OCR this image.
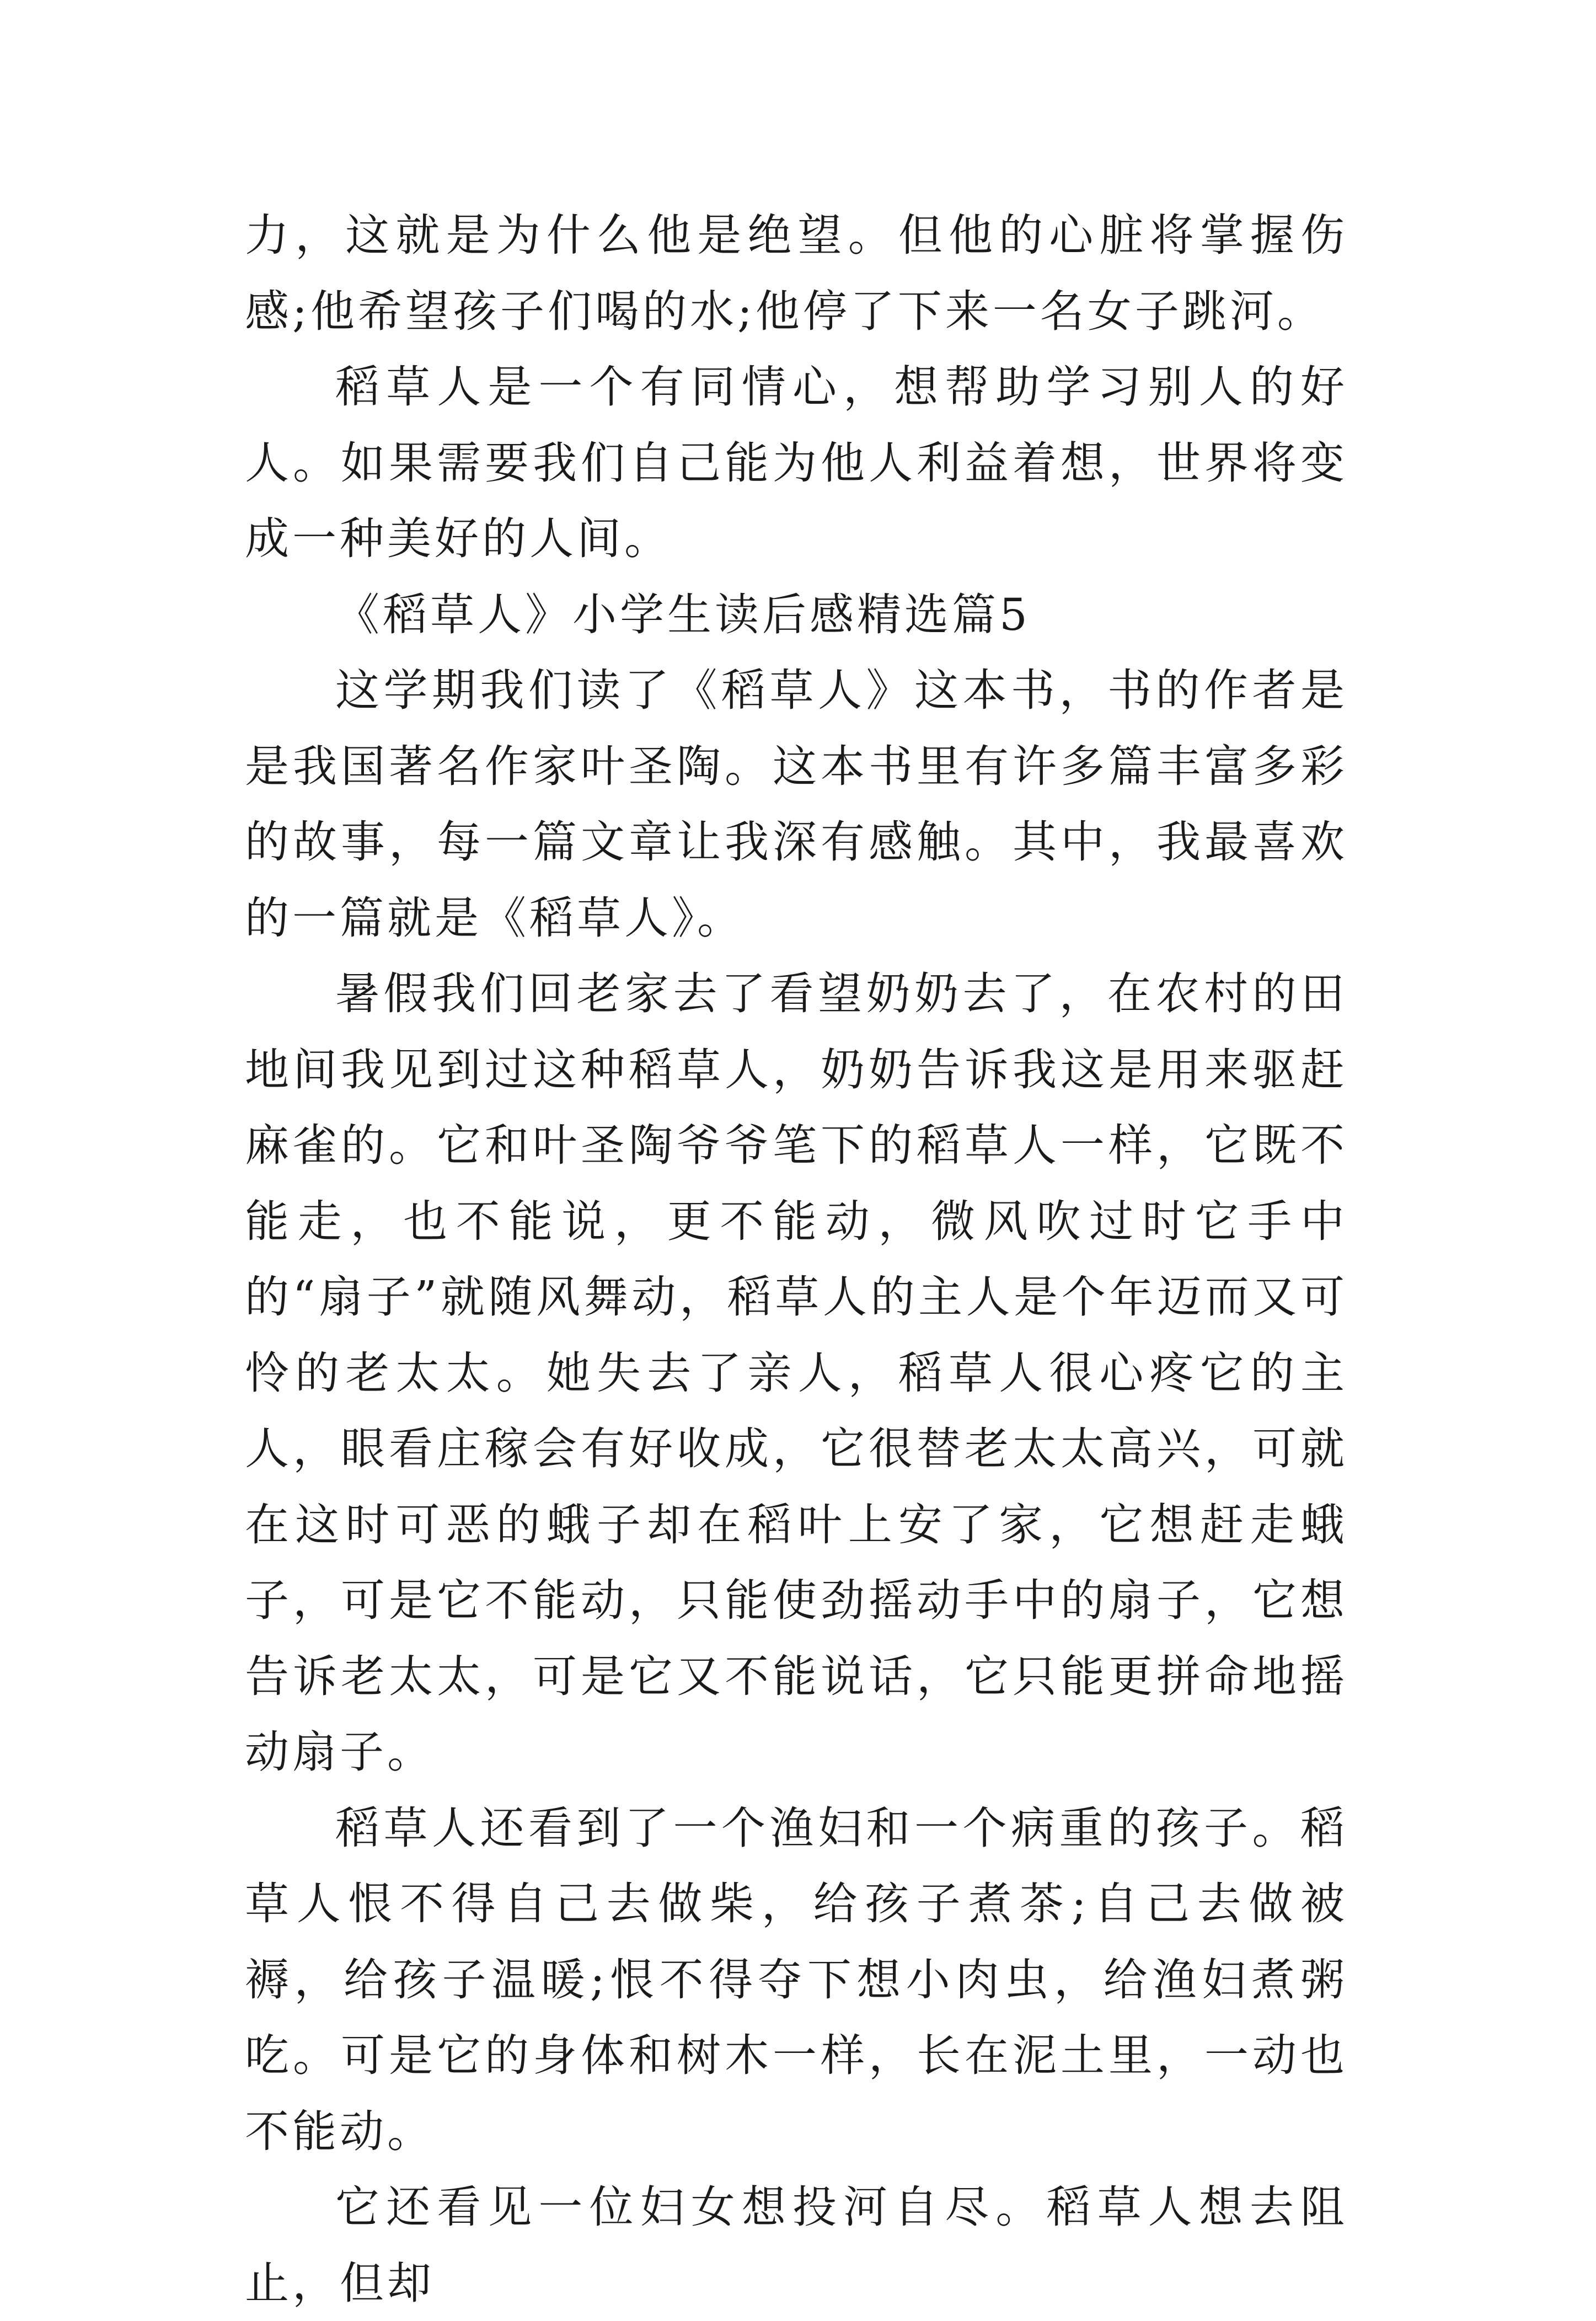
力，这就是为什么他是绝望。但他的心脏将掌握伤感;他希望孩子们喝的水;他停了下来一名女子跳河。

稻草人是一个有同情心，想帮助学习别人的好人。如果需要我们自己能为他人利益着想，世界将变成一种美好的人间。

《稻草人》小学生读后感精选篇5

这学期我们读了《稻草人》这本书，书的作者是是我国著名作家叶圣陶。这本书里有许多篇丰富多彩的故事，每一篇文章让我深有感触。其中，我最喜欢的一篇就是《稻草人》。

暑假我们回老家去了看望奶奶去了，在农村的田地间我见到过这种稻草人，奶奶告诉我这是用来驱赶麻雀的。它和叶圣陶爷爷笔下的稻草人一样，它既不能走，也不能说，更不能动，微风吹过时它手中的“扇子”就随风舞动，稻草人的主人是个年迈而又可怜的老太太。她失去了亲人，稻草人很心疼它的主人，眼看庄稼会有好收成，它很替老太太高兴，可就在这时可恶的蛾子却在稻叶上安了家，它想赶走蛾子，可是它不能动，只能使劲摇动手中的扇子，它想告诉老太太，可是它又不能说话，它只能更拼命地摇动扇子。

稻草人还看到了一个渔妇和一个病重的孩子。稻草人恨不得自己去做柴，给孩子煮茶;自己去做被褥，给孩子温暖;恨不得夺下想小肉虫，给渔妇煮粥吃。可是它的身体和树木一样，长在泥土里，一动也不能动。

它还看见一位妇女想投河自尽。稻草人想去阻止，但却
